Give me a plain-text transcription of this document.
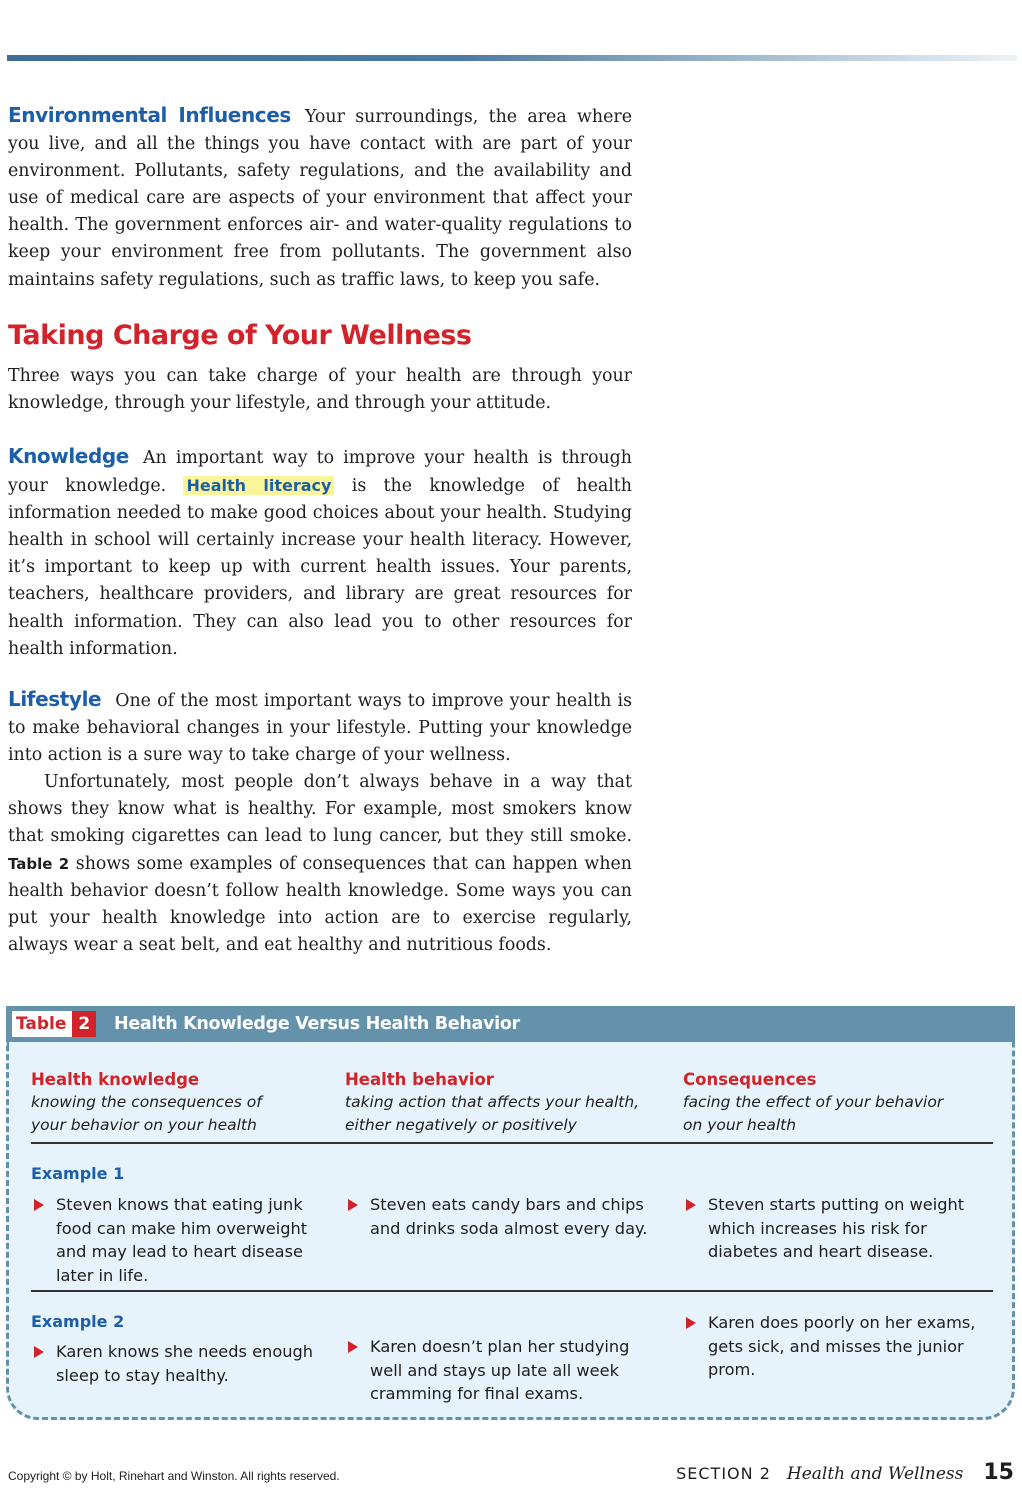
Environmental Influences Your surroundings, the area where you live, and all the things you have contact with are part of your environment. Pollutants, safety regulations, and the availability and use of medical care are aspects of your environment that affect your health. The government enforces air- and water-quality regulations to keep your environment free from pollutants. The government also maintains safety regulations, such as traffic laws, to keep you safe.

Taking Charge of Your Wellness

Three ways you can take charge of your health are through your knowledge, through your lifestyle, and through your attitude.

Knowledge An important way to improve your health is through your knowledge. Health literacy is the knowledge of health information needed to make good choices about your health. Studying health in school will certainly increase your health literacy. However, it’s important to keep up with current health issues. Your parents, teachers, healthcare providers, and library are great resources for health information. They can also lead you to other resources for health information.

Lifestyle One of the most important ways to improve your health is to make behavioral changes in your lifestyle. Putting your knowledge into action is a sure way to take charge of your wellness.

Unfortunately, most people don’t always behave in a way that shows they know what is healthy. For example, most smokers know that smoking cigarettes can lead to lung cancer, but they still smoke. Table 2 shows some examples of consequences that can happen when health behavior doesn’t follow health knowledge. Some ways you can put your health knowledge into action are to exercise regularly, always wear a seat belt, and eat healthy and nutritious foods.

Table 2	Health Knowledge Versus Health Behavior
Health knowledge
knowing the consequences of
your behavior on your health
Health behavior
taking action that affects your health,
either negatively or positively
Consequences
facing the effect of your behavior
on your health
Example 1
Steven knows that eating junk food can make him overweight and may lead to heart disease later in life.
Steven eats candy bars and chips and drinks soda almost every day.
Steven starts putting on weight which increases his risk for diabetes and heart disease.
Example 2
Karen knows she needs enough sleep to stay healthy.
Karen doesn’t plan her studying well and stays up late all week cramming for final exams.
Karen does poorly on her exams, gets sick, and misses the junior prom.
Copyright © by Holt, Rinehart and Winston. All rights reserved.	SECTION 2 Health and Wellness 15
